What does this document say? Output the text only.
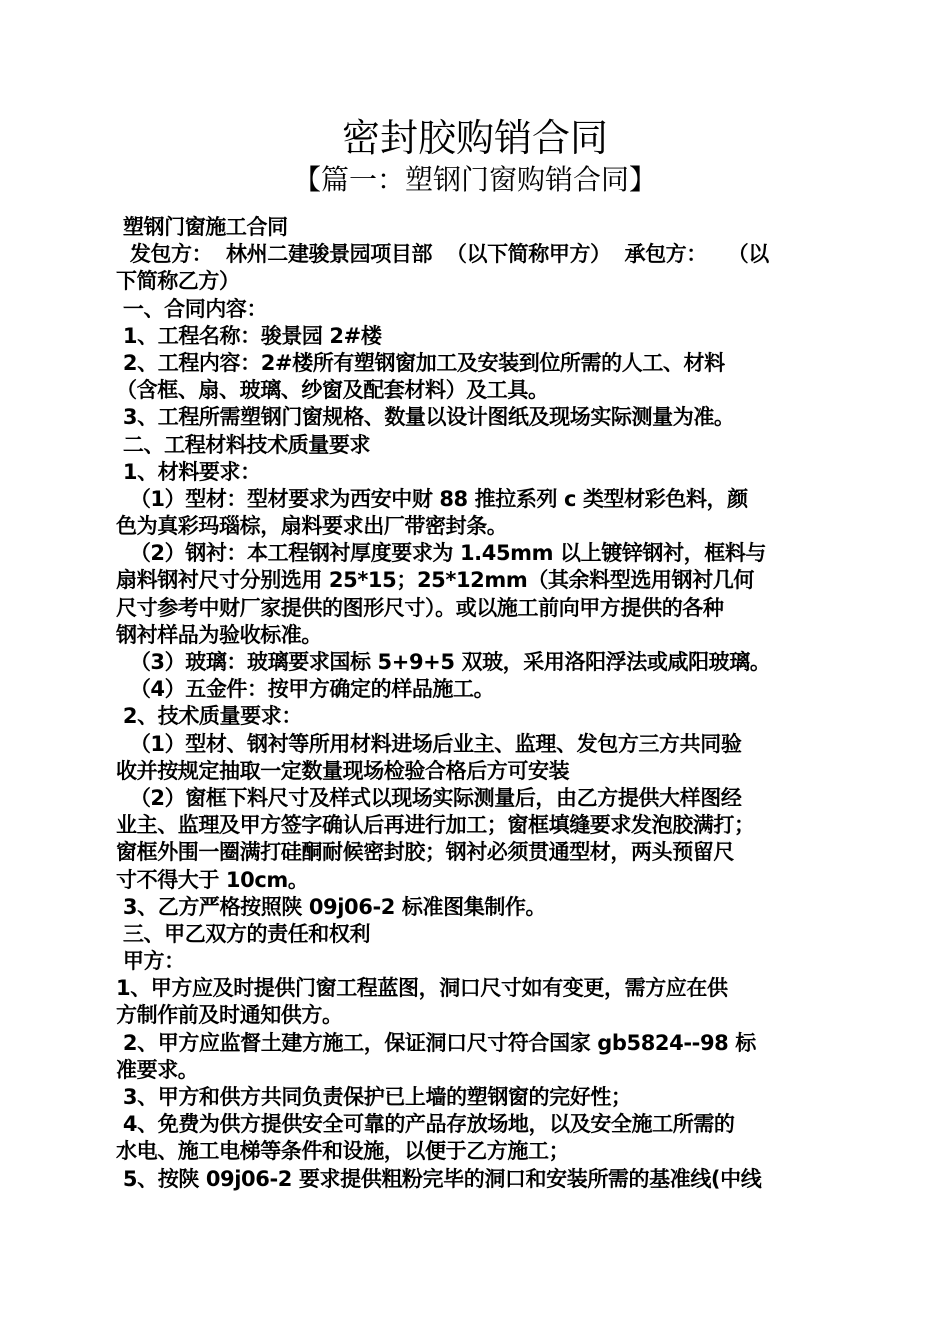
密封胶购销合同
【篇一：塑钢门窗购销合同】
塑钢门窗施工合同
发包方：  林州二建骏景园项目部  （以下简称甲方）  承包方：   （以
下简称乙方）
一、合同内容：
1、工程名称：骏景园 2#楼
2、工程内容：2#楼所有塑钢窗加工及安装到位所需的人工、材料
（含框、扇、玻璃、纱窗及配套材料）及工具。
3、工程所需塑钢门窗规格、数量以设计图纸及现场实际测量为准。
二、工程材料技术质量要求
1、材料要求：
（1）型材：型材要求为西安中财 88 推拉系列 c 类型材彩色料，颜
色为真彩玛瑙棕，扇料要求出厂带密封条。
（2）钢衬：本工程钢衬厚度要求为 1.45mm 以上镀锌钢衬，框料与
扇料钢衬尺寸分别选用 25*15；25*12mm（其余料型选用钢衬几何
尺寸参考中财厂家提供的图形尺寸）。或以施工前向甲方提供的各种
钢衬样品为验收标准。
（3）玻璃：玻璃要求国标 5+9+5 双玻，采用洛阳浮法或咸阳玻璃。
（4）五金件：按甲方确定的样品施工。
2、技术质量要求：
（1）型材、钢衬等所用材料进场后业主、监理、发包方三方共同验
收并按规定抽取一定数量现场检验合格后方可安装
（2）窗框下料尺寸及样式以现场实际测量后，由乙方提供大样图经
业主、监理及甲方签字确认后再进行加工；窗框填缝要求发泡胶满打；
窗框外围一圈满打硅酮耐候密封胶；钢衬必须贯通型材，两头预留尺
寸不得大于 10cm。
3、乙方严格按照陕 09j06-2 标准图集制作。
三、甲乙双方的责任和权利
甲方：
1、甲方应及时提供门窗工程蓝图，洞口尺寸如有变更，需方应在供
方制作前及时通知供方。
2、甲方应监督土建方施工，保证洞口尺寸符合国家 gb5824--98 标
准要求。
3、甲方和供方共同负责保护已上墙的塑钢窗的完好性；
4、免费为供方提供安全可靠的产品存放场地，以及安全施工所需的
水电、施工电梯等条件和设施，以便于乙方施工；
5、按陕 09j06-2 要求提供粗粉完毕的洞口和安装所需的基准线(中线
